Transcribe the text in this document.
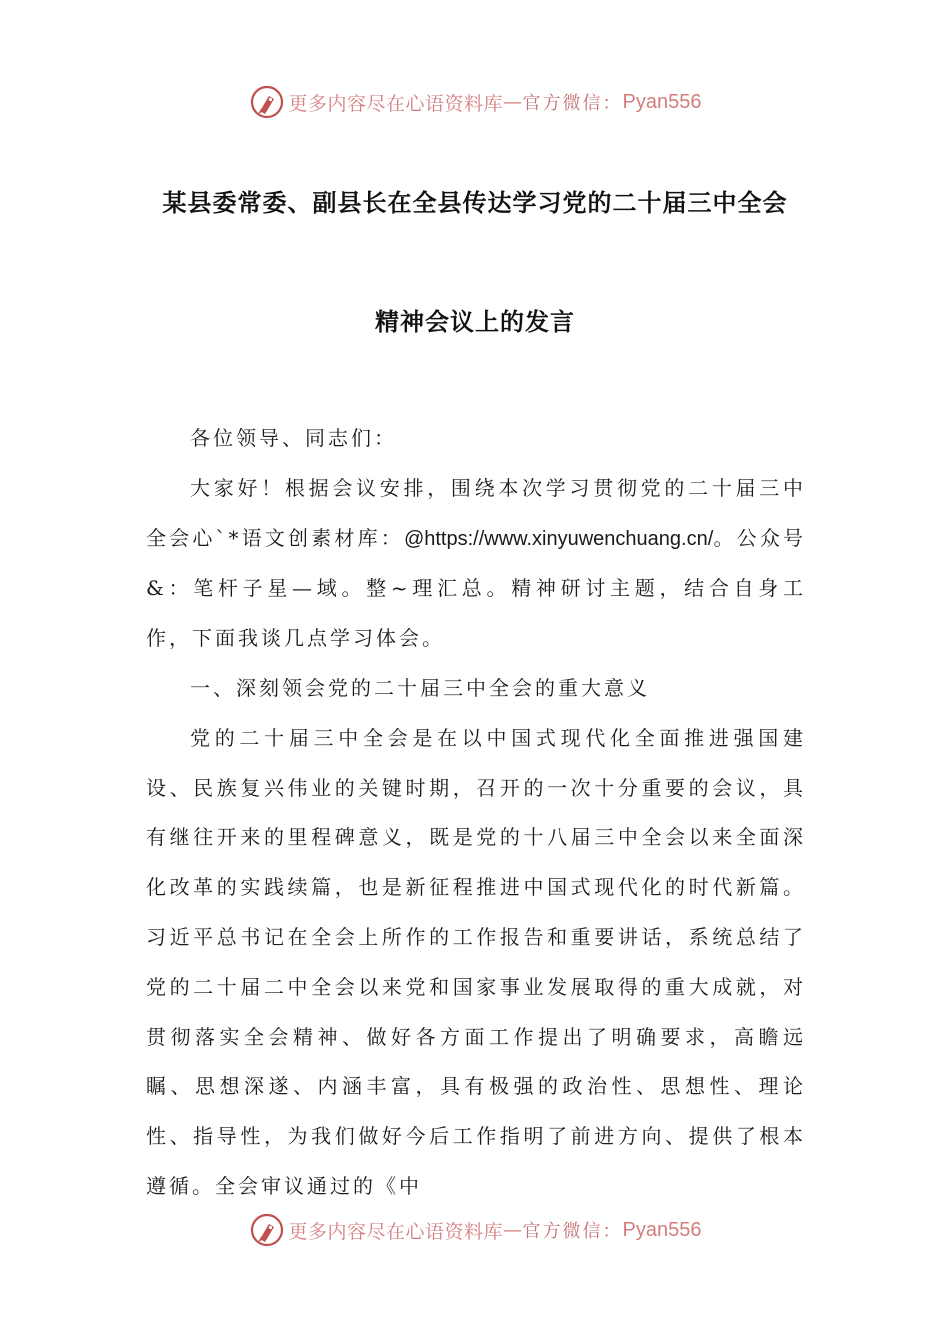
更多内容尽在心语资料库 — 官方微信： Pyan556
某县委常委、副县长在全县传达学习党的二十届三中全会
精神会议上的发言

各位领导、同志们：

大家好！根据会议安排，围绕本次学习贯彻党的二十届三中全会心`*语文创素材库：@https://www.xinyuwenchuang.cn/。公众号&：笔杆子星—域。整~理汇总。精神研讨主题，结合自身工作，下面我谈几点学习体会。

一、深刻领会党的二十届三中全会的重大意义

党的二十届三中全会是在以中国式现代化全面推进强国建设、民族复兴伟业的关键时期，召开的一次十分重要的会议，具有继往开来的里程碑意义，既是党的十八届三中全会以来全面深化改革的实践续篇，也是新征程推进中国式现代化的时代新篇。习近平总书记在全会上所作的工作报告和重要讲话，系统总结了党的二十届二中全会以来党和国家事业发展取得的重大成就，对贯彻落实全会精神、做好各方面工作提出了明确要求，高瞻远瞩、思想深遂、内涵丰富，具有极强的政治性、思想性、理论性、指导性，为我们做好今后工作指明了前进方向、提供了根本遵循。全会审议通过的《中

更多内容尽在心语资料库 — 官方微信： Pyan556
